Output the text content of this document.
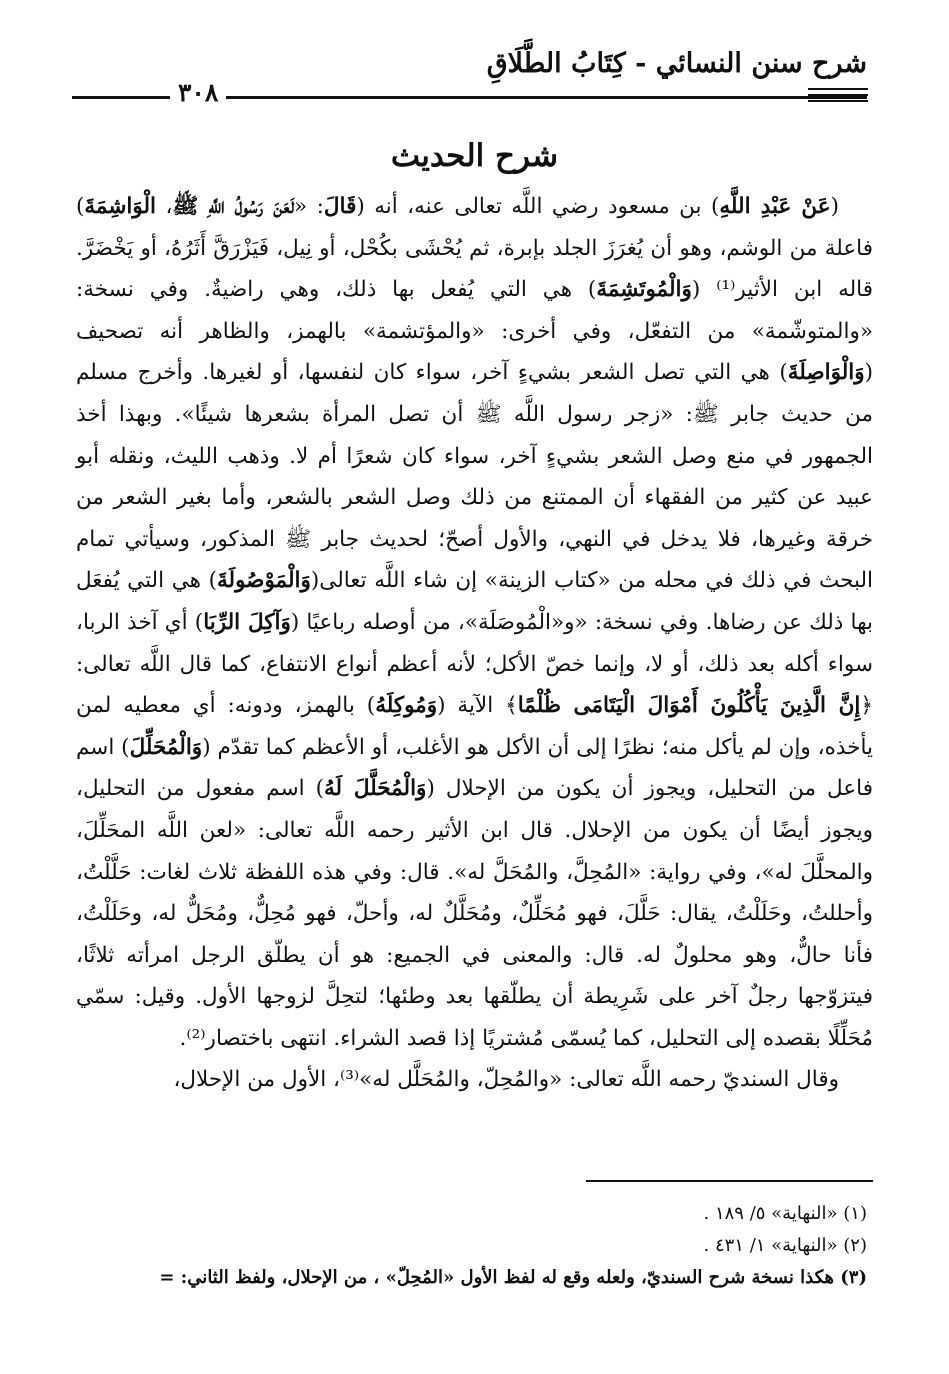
شرح سنن النسائي - كِتَابُ الطَّلَاقِ
٣٠٨
شرح الحديث

(عَنْ عَبْدِ اللَّهِ) بن مسعود رضي اللَّه تعالى عنه، أنه (قَالَ: «لَعَنَ رَسُولُ اللَّهِ ﷺ، الْوَاشِمَةَ) فاعلة من الوشم، وهو أن يُغرَزَ الجلد بإبرة، ثم يُحْشَى بكُحْل، أو نِيل، فَيَزْرَقَّ أَثَرُهُ، أو يَخْضَرَّ. قاله ابن الأثير⁽¹⁾ (وَالْمُوتَشِمَةَ) هي التي يُفعل بها ذلك، وهي راضيةٌ. وفي نسخة: «والمتوشّمة» من التفعّل، وفي أخرى: «والمؤتشمة» بالهمز، والظاهر أنه تصحيف (وَالْوَاصِلَةَ) هي التي تصل الشعر بشيءٍ آخر، سواء كان لنفسها، أو لغيرها. وأخرج مسلم من حديث جابر ﷺ: «زجر رسول اللَّه ﷺ أن تصل المرأة بشعرها شيئًا». وبهذا أخذ الجمهور في منع وصل الشعر بشيءٍ آخر، سواء كان شعرًا أم لا. وذهب الليث، ونقله أبو عبيد عن كثير من الفقهاء أن الممتنع من ذلك وصل الشعر بالشعر، وأما بغير الشعر من خرقة وغيرها، فلا يدخل في النهي، والأول أصحّ؛ لحديث جابر ﷺ المذكور، وسيأتي تمام البحث في ذلك في محله من «كتاب الزينة» إن شاء اللَّه تعالى(وَالْمَوْصُولَةَ) هي التي يُفعَل بها ذلك عن رضاها. وفي نسخة: «و«الْمُوصَلَة»، من أوصله رباعيًا (وَآكِلَ الرِّبَا) أي آخذ الربا، سواء أكله بعد ذلك، أو لا، وإنما خصّ الأكل؛ لأنه أعظم أنواع الانتفاع، كما قال اللَّه تعالى: ﴿إِنَّ الَّذِينَ يَأْكُلُونَ أَمْوَالَ الْيَتَامَى ظُلْمًا﴾ الآية (وَمُوكِلَهُ) بالهمز، ودونه: أي معطيه لمن يأخذه، وإن لم يأكل منه؛ نظرًا إلى أن الأكل هو الأغلب، أو الأعظم كما تقدّم (وَالْمُحَلِّلَ) اسم فاعل من التحليل، ويجوز أن يكون من الإحلال (وَالْمُحَلَّلَ لَهُ) اسم مفعول من التحليل، ويجوز أيضًا أن يكون من الإحلال. قال ابن الأثير رحمه اللَّه تعالى: «لعن اللَّه المحَلِّلَ، والمحلَّلَ له»، وفي رواية: «المُحِلَّ، والمُحَلَّ له». قال: وفي هذه اللفظة ثلاث لغات: حَلَّلْتُ، وأحللتُ، وحَلَلْتُ، يقال: حَلَّلَ، فهو مُحَلِّلٌ، ومُحَلَّلٌ له، وأحلّ، فهو مُحِلٌّ، ومُحَلٌّ له، وحَلَلْتُ، فأنا حالٌّ، وهو محلولٌ له. قال: والمعنى في الجميع: هو أن يطلّق الرجل امرأته ثلاثًا، فيتزوّجها رجلٌ آخر على شَرِيطة أن يطلّقها بعد وطئها؛ لتحِلَّ لزوجها الأول. وقيل: سمّي مُحَلِّلًا بقصده إلى التحليل، كما يُسمّى مُشتريًا إذا قصد الشراء. انتهى باختصار⁽²⁾.

وقال السنديّ رحمه اللَّه تعالى: «والمُحِلّ، والمُحَلَّل له»⁽³⁾، الأول من الإحلال،

(١) «النهاية» ٥/ ١٨٩ .
(٢) «النهاية» ١/ ٤٣١ .
(٣) هكذا نسخة شرح السنديّ، ولعله وقع له لفظ الأول «المُحِلّ» ، من الإحلال، ولفظ الثاني: =
